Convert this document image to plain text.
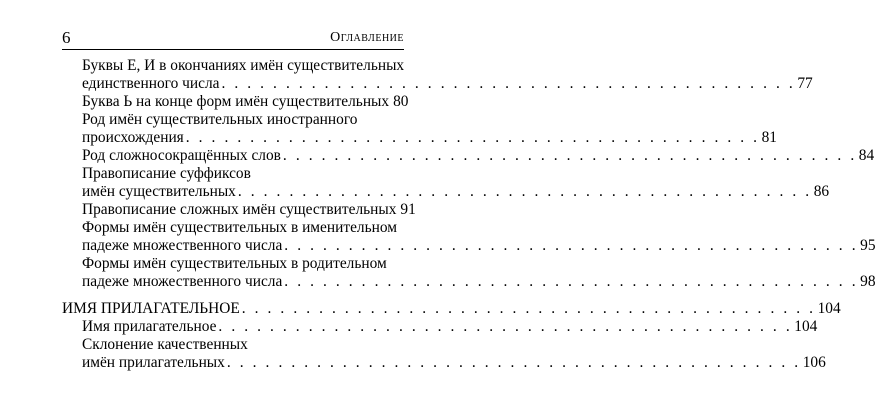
6	Оглавление
Буквы Е, И в окончаниях имён существительных
единственного числа . . . . . . . . . . . . . . . . . . . . . . . . . . . . . . . . . . . . . . . . . . . . . 77
Буква Ь на конце форм имён существительных 80
Род имён существительных иностранного
происхождения . . . . . . . . . . . . . . . . . . . . . . . . . . . . . . . . . . . . . . . . . . . . . 81
Род сложносокращённых слов . . . . . . . . . . . . . . . . . . . . . . . . . . . . . . . . . . . . . . . . . . . . . 84
Правописание суффиксов
имён существительных . . . . . . . . . . . . . . . . . . . . . . . . . . . . . . . . . . . . . . . . . . . . . 86
Правописание сложных имён существительных 91
Формы имён существительных в именительном
падеже множественного числа . . . . . . . . . . . . . . . . . . . . . . . . . . . . . . . . . . . . . . . . . . . . . 95
Формы имён существительных в родительном
падеже множественного числа . . . . . . . . . . . . . . . . . . . . . . . . . . . . . . . . . . . . . . . . . . . . . 98
ИМЯ ПРИЛАГАТЕЛЬНОЕ . . . . . . . . . . . . . . . . . . . . . . . . . . . . . . . . . . . . . . . . . . . . . 104
Имя прилагательное . . . . . . . . . . . . . . . . . . . . . . . . . . . . . . . . . . . . . . . . . . . . . 104
Склонение качественных
имён прилагательных . . . . . . . . . . . . . . . . . . . . . . . . . . . . . . . . . . . . . . . . . . . . . 106
